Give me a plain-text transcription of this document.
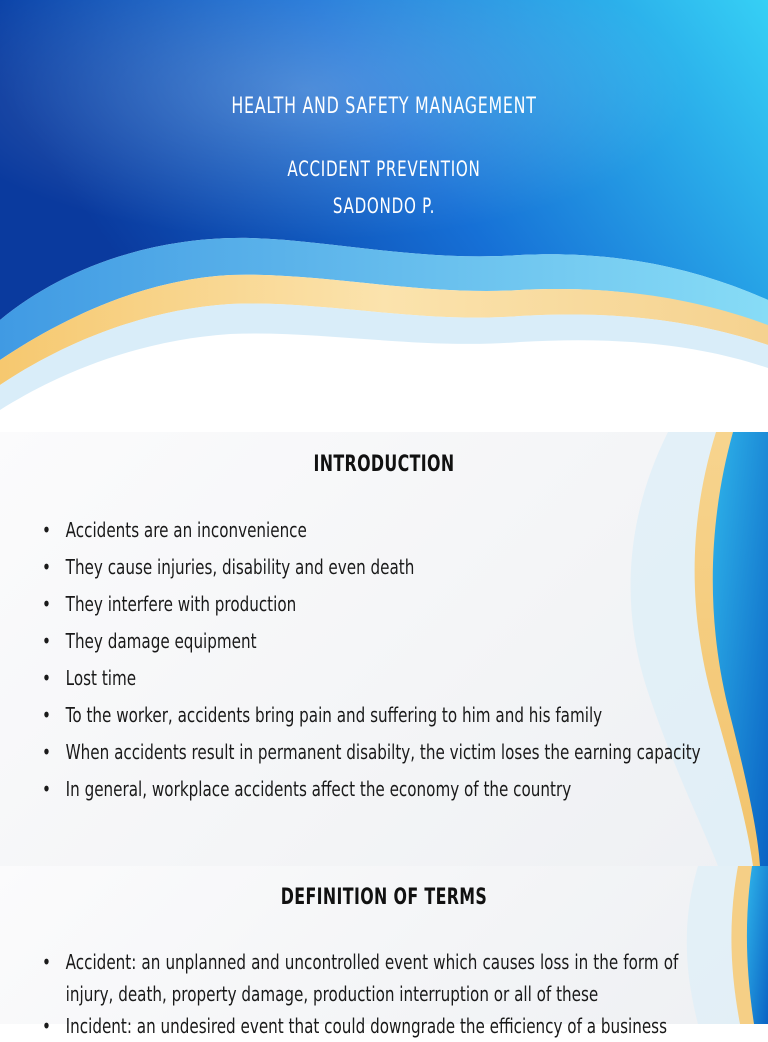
HEALTH AND SAFETY MANAGEMENT
ACCIDENT PREVENTION
SADONDO P.
INTRODUCTION
• Accidents are an inconvenience
• They cause injuries, disability and even death
• They interfere with production
• They damage equipment
• Lost time
• To the worker, accidents bring pain and suffering to him and his family
• When accidents result in permanent disabilty, the victim loses the earning capacity
• In general, workplace accidents affect the economy of the country
DEFINITION OF TERMS
• Accident: an unplanned and uncontrolled event which causes loss in the form of injury, death, property damage, production interruption or all of these
• Incident: an undesired event that could downgrade the efficiency of a business
